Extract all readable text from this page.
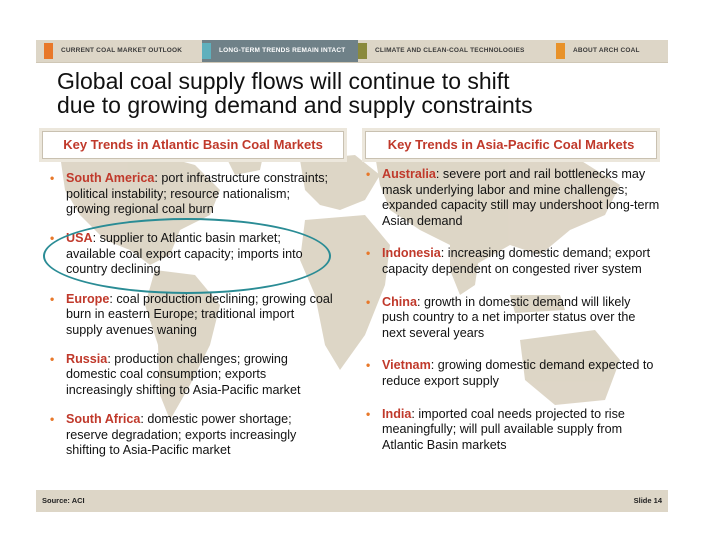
CURRENT COAL MARKET OUTLOOK	LONG-TERM TRENDS REMAIN INTACT	CLIMATE AND CLEAN-COAL TECHNOLOGIES	ABOUT ARCH COAL
Global coal supply flows will continue to shift
due to growing demand and supply constraints
Key Trends in Atlantic Basin Coal Markets	Key Trends in Asia-Pacific Coal Markets
• South America: port infrastructure constraints; political instability; resource nationalism; growing regional coal burn
• USA: supplier to Atlantic basin market; available coal export capacity; imports into country declining
• Europe: coal production declining; growing coal burn in eastern Europe; traditional import supply avenues waning
• Russia: production challenges; growing domestic coal consumption; exports increasingly shifting to Asia-Pacific market
• South Africa: domestic power shortage; reserve degradation; exports increasingly shifting to Asia-Pacific market
• Australia: severe port and rail bottlenecks may mask underlying labor and mine challenges; expanded capacity still may undershoot long-term Asian demand
• Indonesia: increasing domestic demand; export capacity dependent on congested river system
• China: growth in domestic demand will likely push country to a net importer status over the next several years
• Vietnam: growing domestic demand expected to reduce export supply
• India: imported coal needs projected to rise meaningfully; will pull available supply from Atlantic Basin markets
Source: ACI	Slide 14
